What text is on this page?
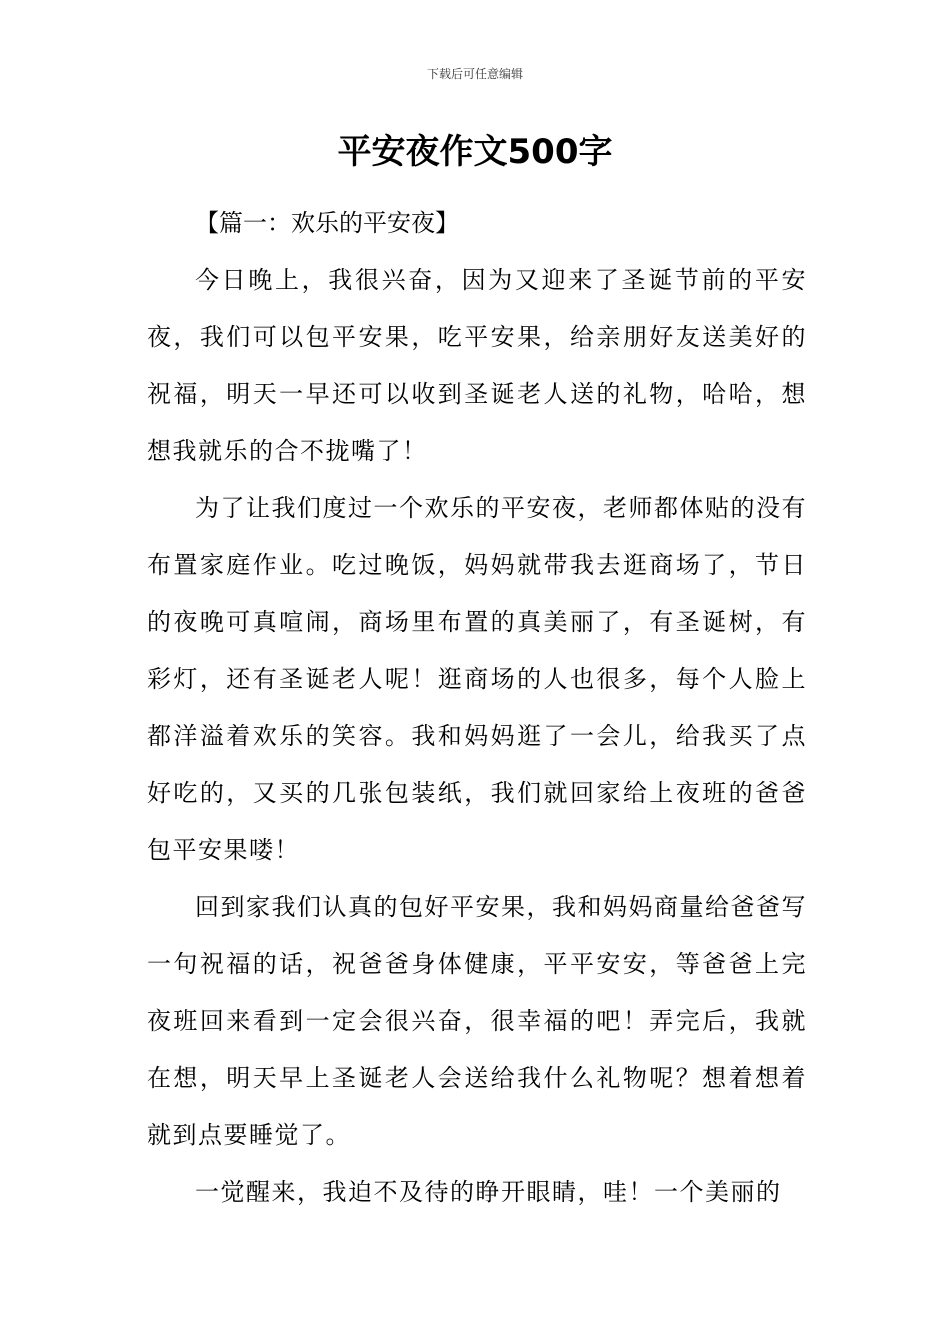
下载后可任意编辑
平安夜作文500字

【篇一：欢乐的平安夜】

今日晚上，我很兴奋，因为又迎来了圣诞节前的平安夜，我们可以包平安果，吃平安果，给亲朋好友送美好的祝福，明天一早还可以收到圣诞老人送的礼物，哈哈，想想我就乐的合不拢嘴了！

为了让我们度过一个欢乐的平安夜，老师都体贴的没有布置家庭作业。吃过晚饭，妈妈就带我去逛商场了，节日的夜晚可真喧闹，商场里布置的真美丽了，有圣诞树，有彩灯，还有圣诞老人呢！逛商场的人也很多，每个人脸上都洋溢着欢乐的笑容。我和妈妈逛了一会儿，给我买了点好吃的，又买的几张包装纸，我们就回家给上夜班的爸爸包平安果喽！

回到家我们认真的包好平安果，我和妈妈商量给爸爸写一句祝福的话，祝爸爸身体健康，平平安安，等爸爸上完夜班回来看到一定会很兴奋，很幸福的吧！弄完后，我就在想，明天早上圣诞老人会送给我什么礼物呢？想着想着就到点要睡觉了。

一觉醒来，我迫不及待的睁开眼睛，哇！一个美丽的
